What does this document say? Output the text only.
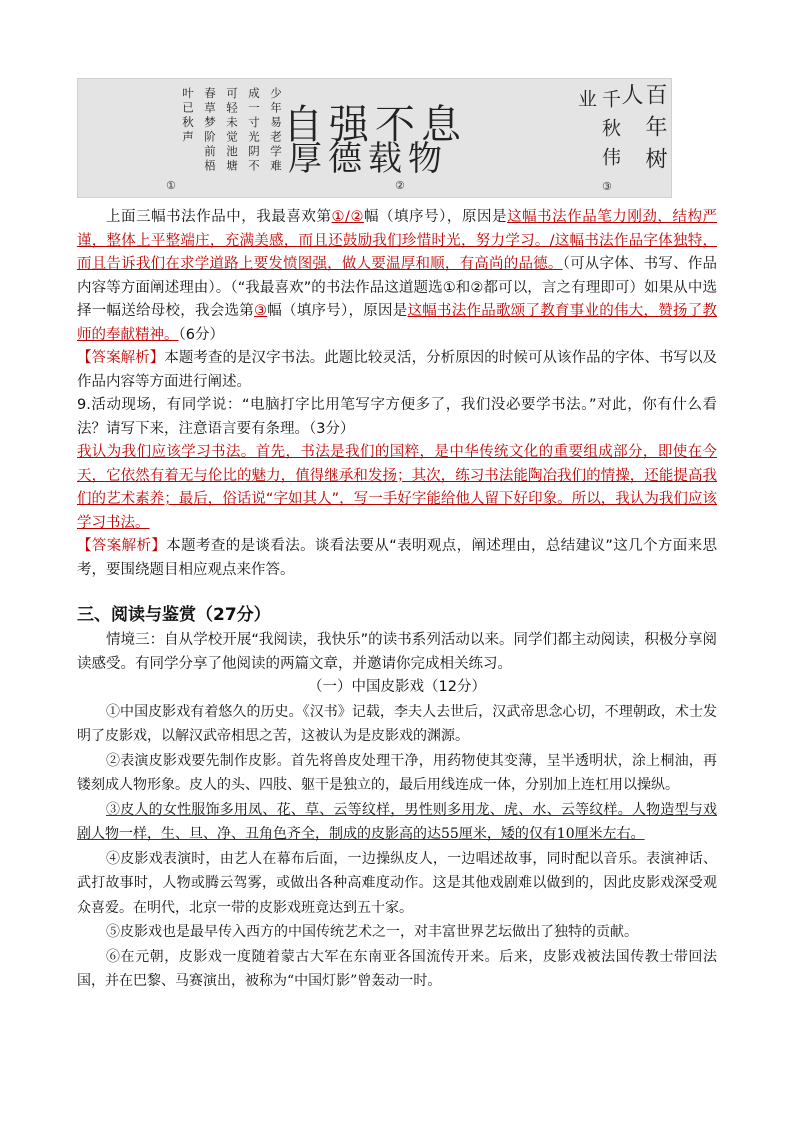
少年易老学难
成一寸光阴不
可轻未觉池塘
春草梦阶前梧
叶已秋声
①
自强不息
厚德载物
②
百年树人
千秋伟业
③

上面三幅书法作品中，我最喜欢第①/②幅（填序号），原因是这幅书法作品笔力刚劲，结构严谨，整体上平整端庄，充满美感，而且还鼓励我们珍惜时光，努力学习。/这幅书法作品字体独特，而且告诉我们在求学道路上要发愤图强，做人要温厚和顺，有高尚的品德。（可从字体、书写、作品内容等方面阐述理由）。（“我最喜欢”的书法作品这道题选①和②都可以，言之有理即可）如果从中选择一幅送给母校，我会选第③幅（填序号），原因是这幅书法作品歌颂了教育事业的伟大，赞扬了教师的奉献精神。（6分）

【答案解析】本题考查的是汉字书法。此题比较灵活，分析原因的时候可从该作品的字体、书写以及作品内容等方面进行阐述。

9.活动现场，有同学说：“电脑打字比用笔写字方便多了，我们没必要学书法。”对此，你有什么看法？请写下来，注意语言要有条理。（3分）

我认为我们应该学习书法。首先，书法是我们的国粹，是中华传统文化的重要组成部分，即使在今天，它依然有着无与伦比的魅力，值得继承和发扬；其次，练习书法能陶冶我们的情操，还能提高我们的艺术素养；最后，俗话说“字如其人”，写一手好字能给他人留下好印象。所以，我认为我们应该学习书法。

【答案解析】本题考查的是谈看法。谈看法要从“表明观点，阐述理由，总结建议”这几个方面来思考，要围绕题目相应观点来作答。

三、阅读与鉴赏（27分）

情境三：自从学校开展“我阅读，我快乐”的读书系列活动以来。同学们都主动阅读，积极分享阅读感受。有同学分享了他阅读的两篇文章，并邀请你完成相关练习。

（一）中国皮影戏（12分）

①中国皮影戏有着悠久的历史。《汉书》记载，李夫人去世后，汉武帝思念心切，不理朝政，术士发明了皮影戏，以解汉武帝相思之苦，这被认为是皮影戏的渊源。

②表演皮影戏要先制作皮影。首先将兽皮处理干净，用药物使其变薄，呈半透明状，涂上桐油，再镂刻成人物形象。皮人的头、四肢、躯干是独立的，最后用线连成一体，分别加上连杠用以操纵。

③皮人的女性服饰多用凤、花、草、云等纹样，男性则多用龙、虎、水、云等纹样。人物造型与戏剧人物一样，生、旦、净、丑角色齐全，制成的皮影高的达55厘米，矮的仅有10厘米左右。

④皮影戏表演时，由艺人在幕布后面，一边操纵皮人，一边唱述故事，同时配以音乐。表演神话、武打故事时，人物或腾云驾雾，或做出各种高难度动作。这是其他戏剧难以做到的，因此皮影戏深受观众喜爱。在明代，北京一带的皮影戏班竟达到五十家。

⑤皮影戏也是最早传入西方的中国传统艺术之一，对丰富世界艺坛做出了独特的贡献。

⑥在元朝，皮影戏一度随着蒙古大军在东南亚各国流传开来。后来，皮影戏被法国传教士带回法国，并在巴黎、马赛演出，被称为“中国灯影”曾轰动一时。
